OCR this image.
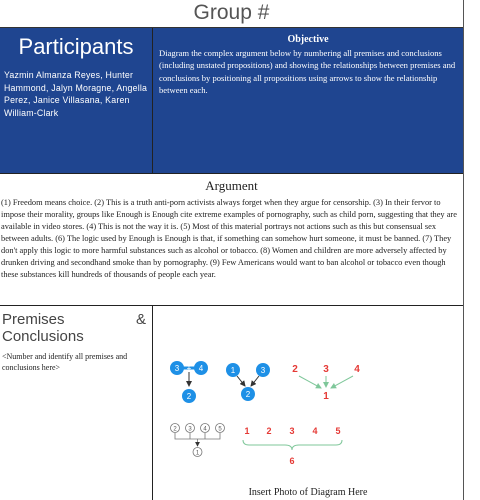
Group #
Participants
Yazmin Almanza Reyes, Hunter Hammond, Jalyn Moragne, Angella Perez, Janice Villasana, Karen William-Clark
Objective
Diagram the complex argument below by numbering all premises and conclusions (including unstated propositions) and showing the relationships between premises and conclusions by positioning all propositions using arrows to show the relationship between each.
Argument
(1) Freedom means choice. (2) This is a truth anti-porn activists always forget when they argue for censorship. (3) In their fervor to impose their morality, groups like Enough is Enough cite extreme examples of pornography, such as child porn, suggesting that they are available in video stores. (4) This is not the way it is. (5) Most of this material portrays not actions such as this but consensual sex between adults. (6) The logic used by Enough is Enough is that, if something can somehow hurt someone, it must be banned. (7) They don't apply this logic to more harmful substances such as alcohol or tobacco. (8) Women and children are more adversely affected by drunken driving and secondhand smoke than by pornography. (9) Few Americans would want to ban alcohol or tobacco even though these substances kill hundreds of thousands of people each year.
Premises	&
Conclusions
<Number and identify all premises and conclusions here>	3 + 4
2
1	3
2
2	3	4
1
2 3 4 5
1
1 2 3 4 5
6
Insert Photo of Diagram Here
